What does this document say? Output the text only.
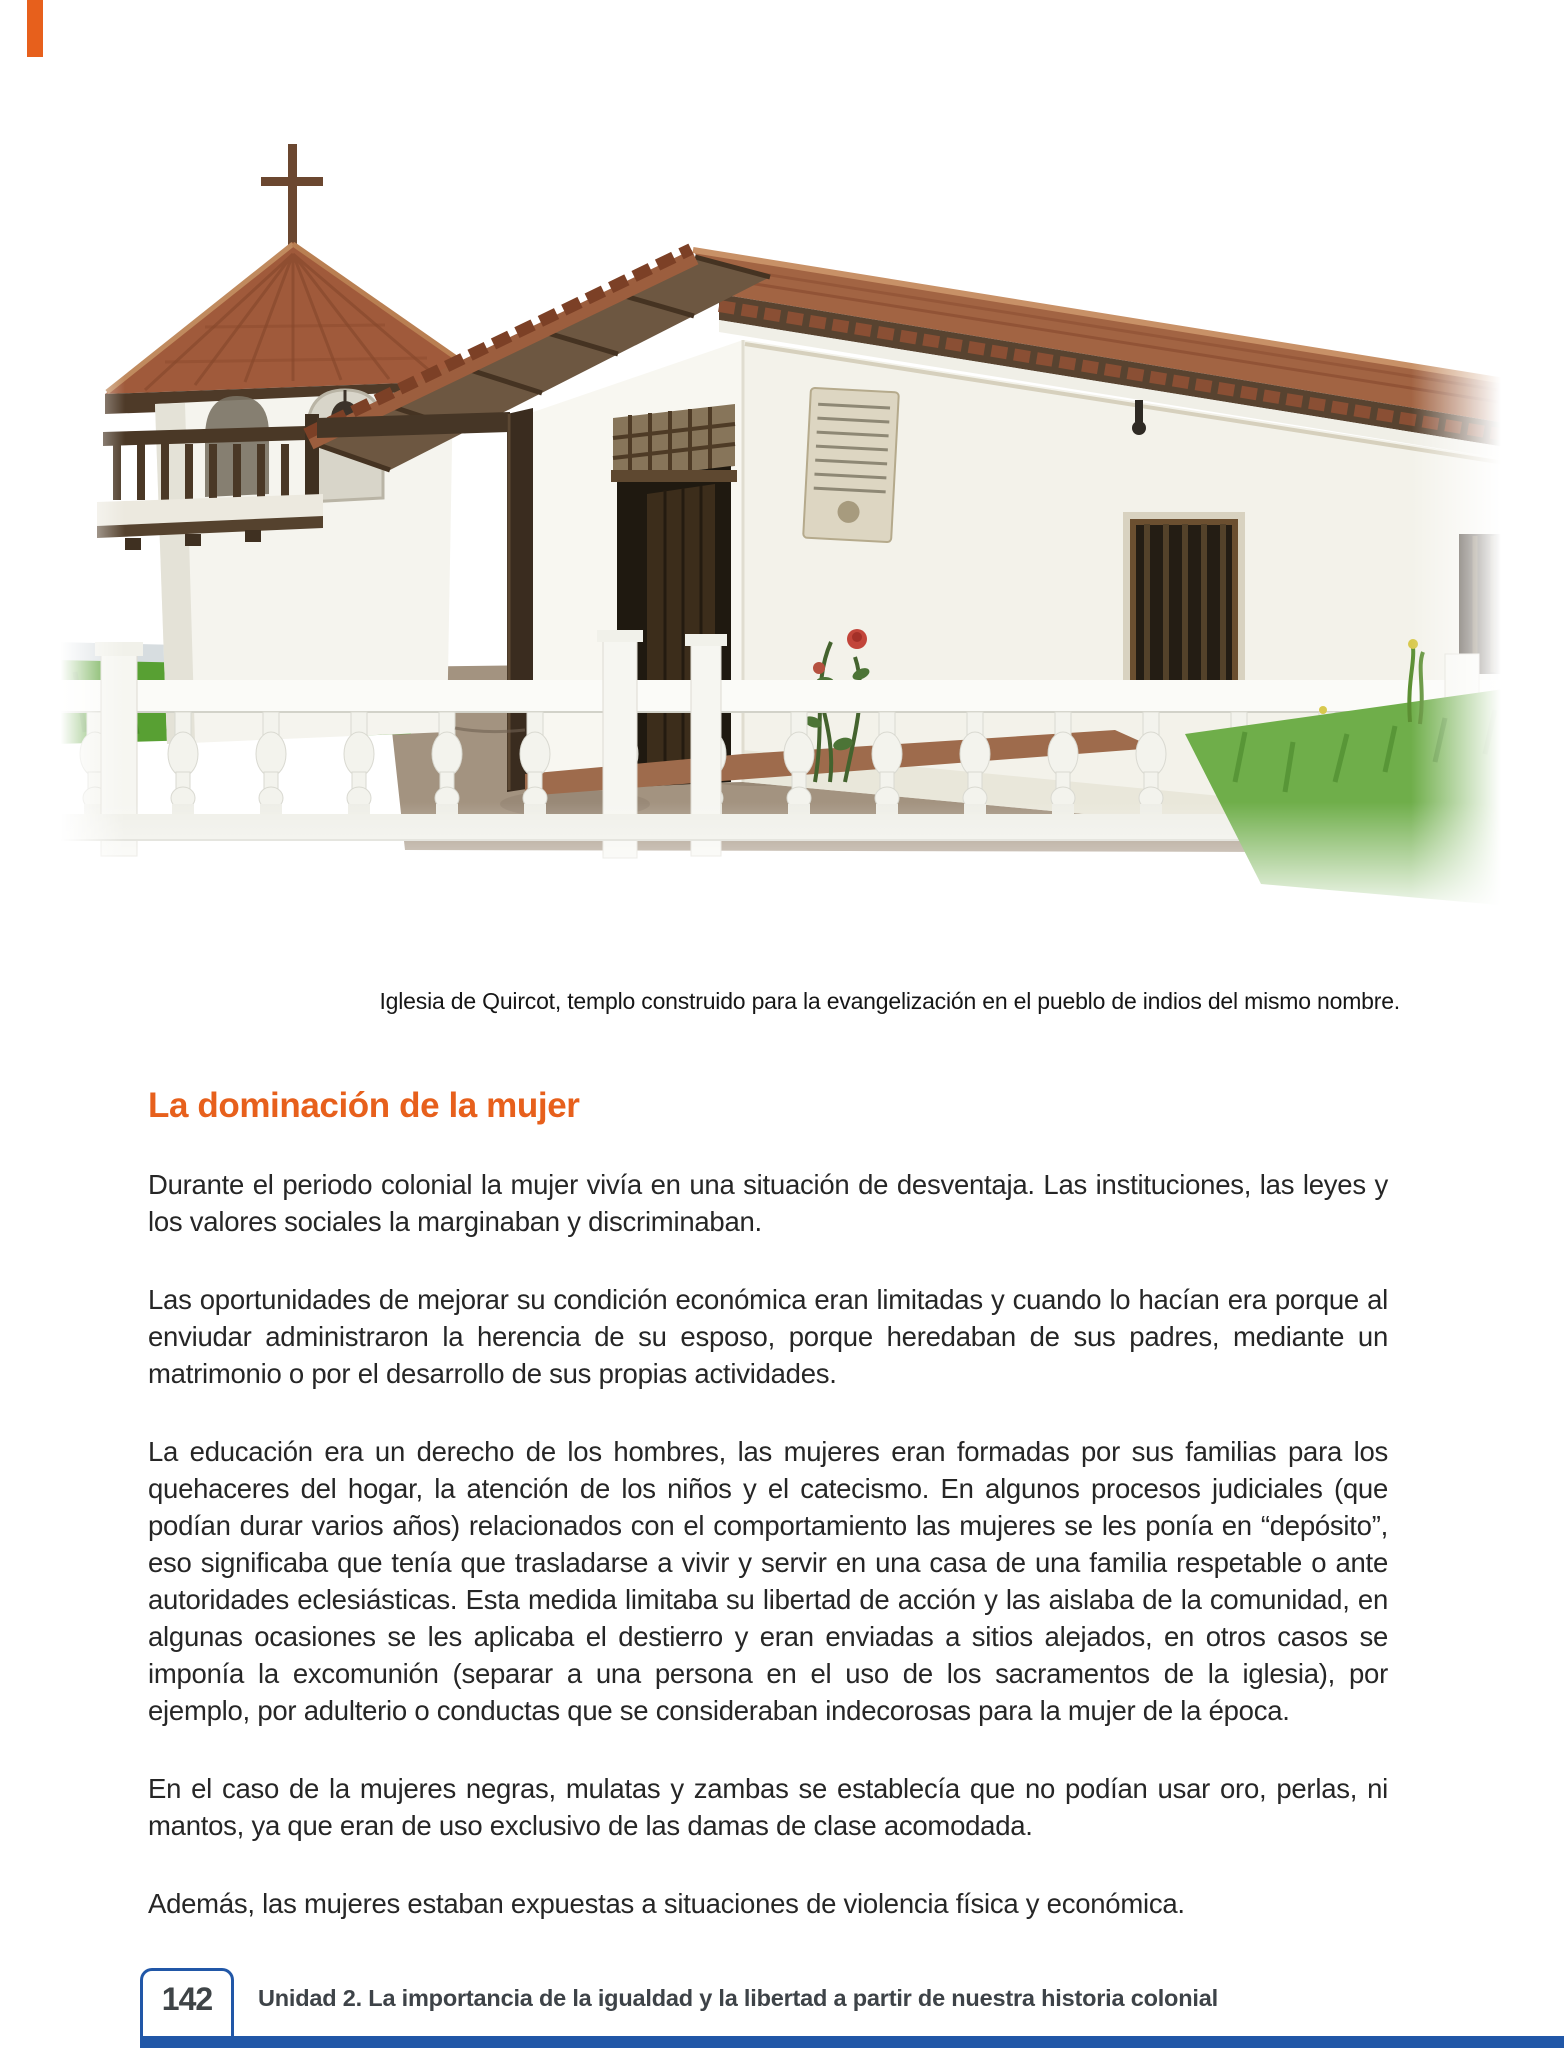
Iglesia de Quircot, templo construido para la evangelización en el pueblo de indios del mismo nombre.
La dominación de la mujer

Durante el periodo colonial la mujer vivía en una situación de desventaja. Las instituciones, las leyes y los valores sociales la marginaban y discriminaban.

Las oportunidades de mejorar su condición económica eran limitadas y cuando lo hacían era porque al enviudar administraron la herencia de su esposo, porque heredaban de sus padres, mediante un matrimonio o por el desarrollo de sus propias actividades.

La educación era un derecho de los hombres, las mujeres eran formadas por sus familias para los quehaceres del hogar, la atención de los niños y el catecismo. En algunos procesos judiciales (que podían durar varios años) relacionados con el comportamiento las mujeres se les ponía en “depósito”, eso significaba que tenía que trasladarse a vivir y servir en una casa de una familia respetable o ante autoridades eclesiásticas. Esta medida limitaba su libertad de acción y las aislaba de la comunidad, en algunas ocasiones se les aplicaba el destierro y eran enviadas a sitios alejados, en otros casos se imponía la excomunión (separar a una persona en el uso de los sacramentos de la iglesia), por ejemplo, por adulterio o conductas que se consideraban indecorosas para la mujer de la época.

En el caso de la mujeres negras, mulatas y zambas se establecía que no podían usar oro, perlas, ni mantos, ya que eran de uso exclusivo de las damas de clase acomodada.

Además, las mujeres estaban expuestas a situaciones de violencia física y económica.

142	Unidad 2. La importancia de la igualdad y la libertad a partir de nuestra historia colonial
